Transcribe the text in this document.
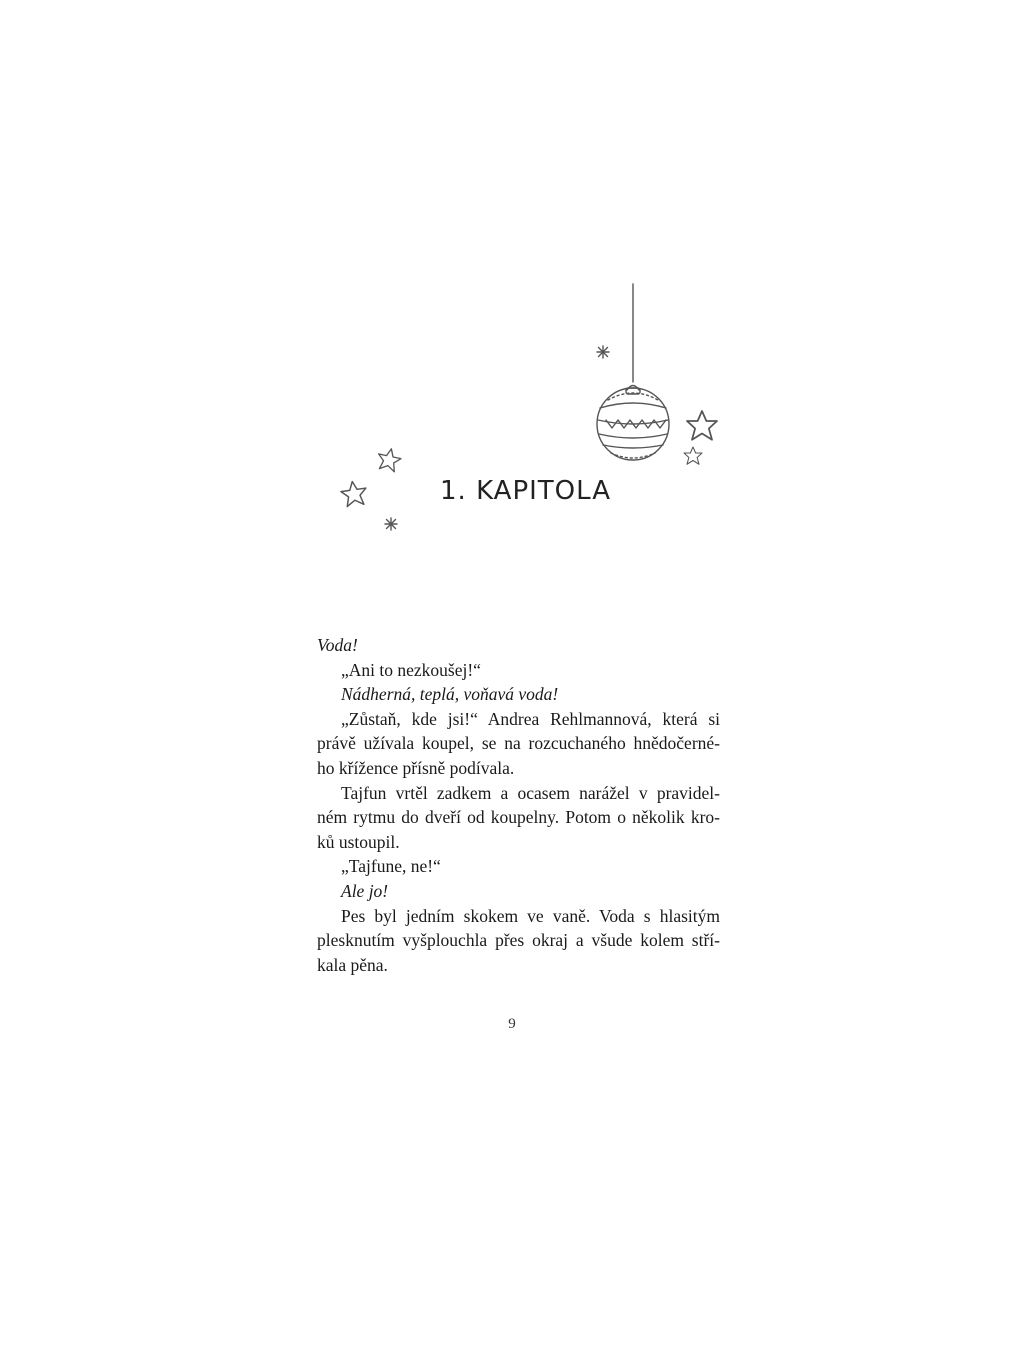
1. KAPITOLA
Voda!
„Ani to nezkoušej!“
Nádherná, teplá, voňavá voda!
„Zůstaň, kde jsi!“ Andrea Rehlmannová, která si
právě užívala koupel, se na rozcuchaného hnědočerné-
ho křížence přísně podívala.
Tajfun vrtěl zadkem a ocasem narážel v pravidel-
ném rytmu do dveří od koupelny. Potom o několik kro-
ků ustoupil.
„Tajfune, ne!“
Ale jo!
Pes byl jedním skokem ve vaně. Voda s hlasitým
plesknutím vyšplouchla přes okraj a všude kolem stří-
kala pěna.
9
